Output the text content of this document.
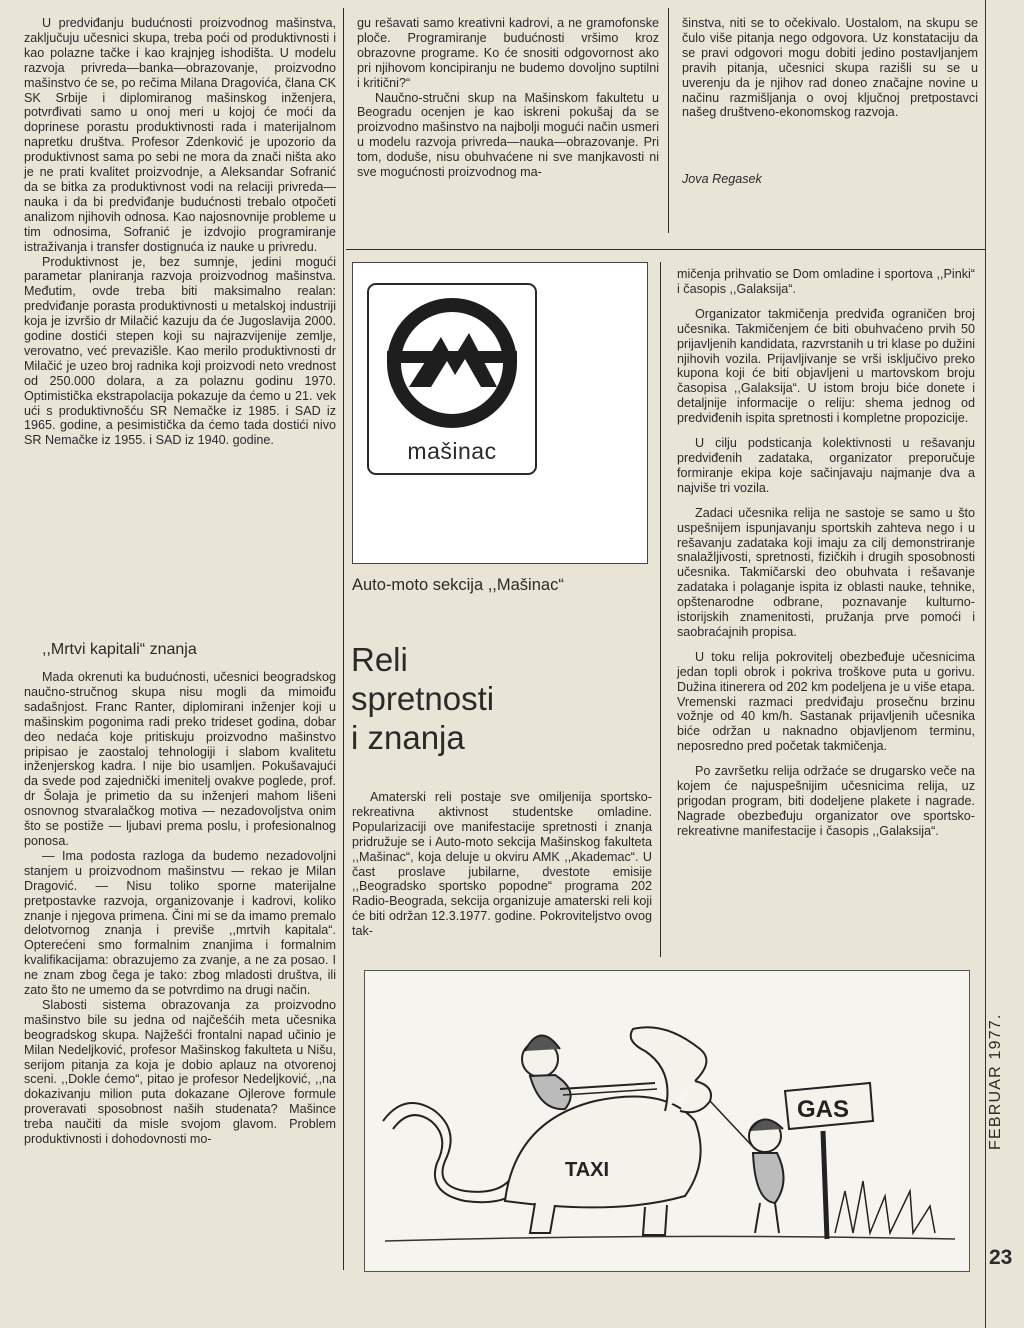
U predviđanju budućnosti proizvodnog mašinstva, zaključuju učesnici skupa, treba poći od produktivnosti i kao polazne tačke i kao krajnjeg ishodišta. U modelu razvoja privreda—banka—obrazovanje, proizvodno mašinstvo će se, po rečima Milana Dragovića, člana CK SK Srbije i diplomiranog mašinskog inženjera, potvrđivati samo u onoj meri u kojoj će moći da doprinese porastu produktivnosti rada i materijalnom napretku društva. Profesor Zdenković je upozorio da produktivnost sama po sebi ne mora da znači ništa ako je ne prati kvalitet proizvodnje, a Aleksandar Sofranić da se bitka za produktivnost vodi na relaciji privreda—nauka i da bi predviđanje budućnosti trebalo otpočeti analizom njihovih odnosa. Kao najosnovnije probleme u tim odnosima, Sofranić je izdvojio programiranje istraživanja i transfer dostignuća iz nauke u privredu.

Produktivnost je, bez sumnje, jedini mogući parametar planiranja razvoja proizvodnog mašinstva. Međutim, ovde treba biti maksimalno realan: predviđanje porasta produktivnosti u metalskoj industriji koja je izvršio dr Milačić kazuju da će Jugoslavija 2000. godine dostići stepen koji su najrazvijenije zemlje, verovatno, već prevazišle. Kao merilo produktivnosti dr Milačić je uzeo broj radnika koji proizvodi neto vrednost od 250.000 dolara, a za polaznu godinu 1970. Optimistička ekstrapolacija pokazuje da ćemo u 21. vek ući s produktivnošću SR Nemačke iz 1985. i SAD iz 1965. godine, a pesimistička da ćemo tada dostići nivo SR Nemačke iz 1955. i SAD iz 1940. godine.

,,Mrtvi kapitali“ znanja

Mada okrenuti ka budućnosti, učesnici beogradskog naučno-stručnog skupa nisu mogli da mimoiđu sadašnjost. Franc Ranter, diplomirani inženjer koji u mašinskim pogonima radi preko trideset godina, dobar deo nedaća koje pritiskuju proizvodno mašinstvo pripisao je zaostaloj tehnologiji i slabom kvalitetu inženjerskog kadra. I nije bio usamljen. Pokušavajući da svede pod zajednički imenitelj ovakve poglede, prof. dr Šolaja je primetio da su inženjeri mahom lišeni osnovnog stvaralačkog motiva — nezadovoljstva onim što se postiže — ljubavi prema poslu, i profesionalnog ponosa.

— Ima podosta razloga da budemo nezadovoljni stanjem u proizvodnom mašinstvu — rekao je Milan Dragović. — Nisu toliko sporne materijalne pretpostavke razvoja, organizovanje i kadrovi, koliko znanje i njegova primena. Čini mi se da imamo premalo delotvornog znanja i previše ,,mrtvih kapitala“. Opterećeni smo formalnim znanjima i formalnim kvalifikacijama: obrazujemo za zvanje, a ne za posao. I ne znam zbog čega je tako: zbog mladosti društva, ili zato što ne umemo da se potvrdimo na drugi način.

Slabosti sistema obrazovanja za proizvodno mašinstvo bile su jedna od najčešćih meta učesnika beogradskog skupa. Najžešći frontalni napad učinio je Milan Nedeljković, profesor Mašinskog fakulteta u Nišu, serijom pitanja za koja je dobio aplauz na otvorenoj sceni. ,,Dokle ćemo“, pitao je profesor Nedeljković, ,,na dokazivanju milion puta dokazane Ojlerove formule proveravati sposobnost naših studenata? Mašince treba naučiti da misle svojom glavom. Problem produktivnosti i dohodovnosti mo-

gu rešavati samo kreativni kadrovi, a ne gramofonske ploče. Programiranje budućnosti vršimo kroz obrazovne programe. Ko će snositi odgovornost ako pri njihovom koncipiranju ne budemo dovoljno suptilni i kritični?“

Naučno-stručni skup na Mašinskom fakultetu u Beogradu ocenjen je kao iskreni pokušaj da se proizvodno mašinstvo na najbolji mogući način usmeri u modelu razvoja privreda—nauka—obrazovanje. Pri tom, doduše, nisu obuhvaćene ni sve manjkavosti ni sve mogućnosti proizvodnog ma-

šinstva, niti se to očekivalo. Uostalom, na skupu se čulo više pitanja nego odgovora. Uz konstataciju da se pravi odgovori mogu dobiti jedino postavljanjem pravih pitanja, učesnici skupa razišli su se u uverenju da je njihov rad doneo značajne novine u načinu razmišljanja o ovoj ključnoj pretpostavci našeg društveno-ekonomskog razvoja.

Jova Regasek

mašinac
Auto-moto sekcija ,,Mašinac“
Reli
spretnosti
i znanja

Amaterski reli postaje sve omiljenija sportsko-rekreativna aktivnost studentske omladine. Popularizaciji ove manifestacije spretnosti i znanja pridružuje se i Auto-moto sekcija Mašinskog fakulteta ,,Mašinac“, koja deluje u okviru AMK ,,Akademac“. U čast proslave jubilarne, dvestote emisije ,,Beogradsko sportsko popodne“ programa 202 Radio-Beograda, sekcija organizuje amaterski reli koji će biti održan 12.3.1977. godine. Pokroviteljstvo ovog tak-

mičenja prihvatio se Dom omladine i sportova ,,Pinki“ i časopis ,,Galaksija“.

Organizator takmičenja predviđa ograničen broj učesnika. Takmičenjem će biti obuhvaćeno prvih 50 prijavljenih kandidata, razvrstanih u tri klase po dužini njihovih vozila. Prijavljivanje se vrši isključivo preko kupona koji će biti objavljeni u martovskom broju časopisa ,,Galaksija“. U istom broju biće donete i detaljnije informacije o reliju: shema jednog od predviđenih ispita spretnosti i kompletne propozicije.

U cilju podsticanja kolektivnosti u rešavanju predviđenih zadataka, organizator preporučuje formiranje ekipa koje sačinjavaju najmanje dva a najviše tri vozila.

Zadaci učesnika relija ne sastoje se samo u što uspešnijem ispunjavanju sportskih zahteva nego i u rešavanju zadataka koji imaju za cilj demonstriranje snalažljivosti, spretnosti, fizičkih i drugih sposobnosti učesnika. Takmičarski deo obuhvata i rešavanje zadataka i polaganje ispita iz oblasti nauke, tehnike, opštenarodne odbrane, poznavanje kulturno-istorijskih znamenitosti, pružanja prve pomoći i saobraćajnih propisa.

U toku relija pokrovitelj obezbeđuje učesnicima jedan topli obrok i pokriva troškove puta u gorivu. Dužina itinerera od 202 km podeljena je u više etapa. Vremenski razmaci predviđaju prosečnu brzinu vožnje od 40 km/h. Sastanak prijavljenih učesnika biće održan u naknadno objavljenom terminu, neposredno pred početak takmičenja.

Po završetku relija održaće se drugarsko veče na kojem će najuspešnijim učesnicima relija, uz prigodan program, biti dodeljene plakete i nagrade. Nagrade obezbeđuju organizator ove sportsko-rekreativne manifestacije i časopis ,,Galaksija“.

GAS
TAXI
FEBRUAR 1977.
23
